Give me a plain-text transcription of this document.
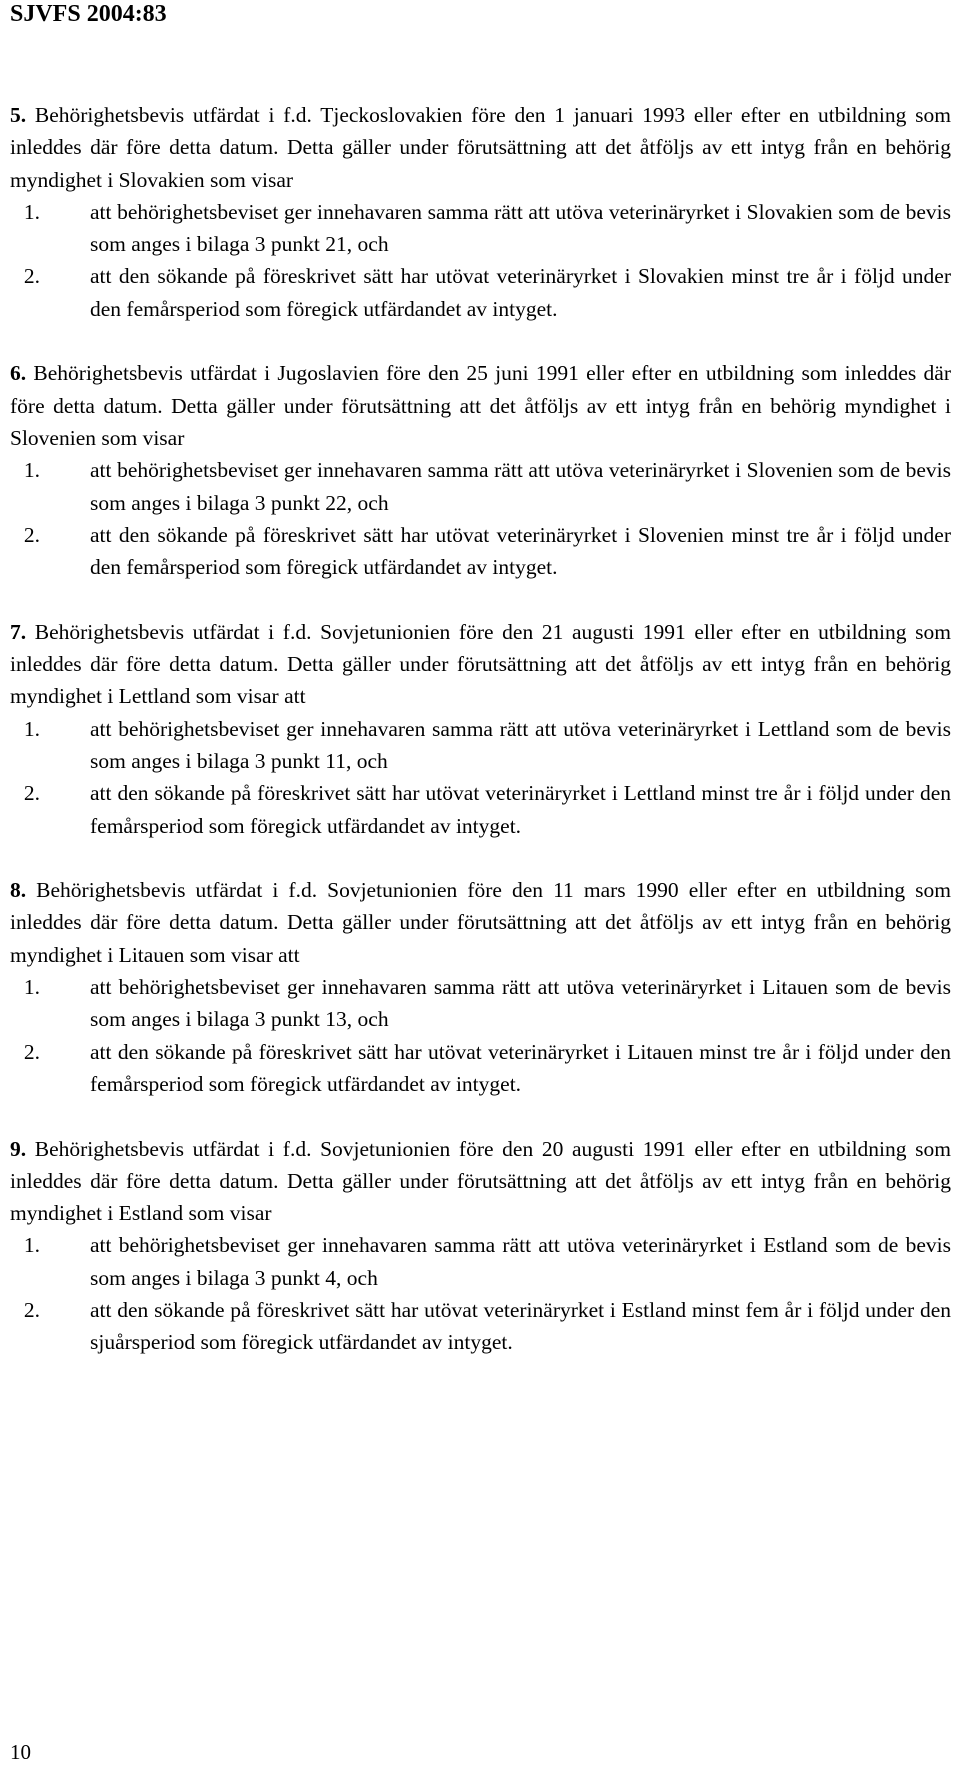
SJVFS 2004:83

5. Behörighetsbevis utfärdat i f.d. Tjeckoslovakien före den 1 januari 1993 eller efter en utbildning som inleddes där före detta datum. Detta gäller under förutsättning att det åtföljs av ett intyg från en behörig myndighet i Slovakien som visar

1. att behörighetsbeviset ger innehavaren samma rätt att utöva veterinäryrket i Slovakien som de bevis som anges i bilaga 3 punkt 21, och
2. att den sökande på föreskrivet sätt har utövat veterinäryrket i Slovakien minst tre år i följd under den femårsperiod som föregick utfärdandet av intyget.

6. Behörighetsbevis utfärdat i Jugoslavien före den 25 juni 1991 eller efter en utbildning som inleddes där före detta datum. Detta gäller under förutsättning att det åtföljs av ett intyg från en behörig myndighet i Slovenien som visar

1. att behörighetsbeviset ger innehavaren samma rätt att utöva veterinäryrket i Slovenien som de bevis som anges i bilaga 3 punkt 22, och
2. att den sökande på föreskrivet sätt har utövat veterinäryrket i Slovenien minst tre år i följd under den femårsperiod som föregick utfärdandet av intyget.

7. Behörighetsbevis utfärdat i f.d. Sovjetunionien före den 21 augusti 1991 eller efter en utbildning som inleddes där före detta datum. Detta gäller under förutsättning att det åtföljs av ett intyg från en behörig myndighet i Lettland som visar att

1. att behörighetsbeviset ger innehavaren samma rätt att utöva veterinäryrket i Lettland som de bevis som anges i bilaga 3 punkt 11, och
2. att den sökande på föreskrivet sätt har utövat veterinäryrket i Lettland minst tre år i följd under den femårsperiod som föregick utfärdandet av intyget.

8. Behörighetsbevis utfärdat i f.d. Sovjetunionien före den 11 mars 1990 eller efter en utbildning som inleddes där före detta datum. Detta gäller under förutsättning att det åtföljs av ett intyg från en behörig myndighet i Litauen som visar att

1. att behörighetsbeviset ger innehavaren samma rätt att utöva veterinäryrket i Litauen som de bevis som anges i bilaga 3 punkt 13, och
2. att den sökande på föreskrivet sätt har utövat veterinäryrket i Litauen minst tre år i följd under den femårsperiod som föregick utfärdandet av intyget.

9. Behörighetsbevis utfärdat i f.d. Sovjetunionien före den 20 augusti 1991 eller efter en utbildning som inleddes där före detta datum. Detta gäller under förutsättning att det åtföljs av ett intyg från en behörig myndighet i Estland som visar

1. att behörighetsbeviset ger innehavaren samma rätt att utöva veterinäryrket i Estland som de bevis som anges i bilaga 3 punkt 4, och
2. att den sökande på föreskrivet sätt har utövat veterinäryrket i Estland minst fem år i följd under den sjuårsperiod som föregick utfärdandet av intyget.
10
